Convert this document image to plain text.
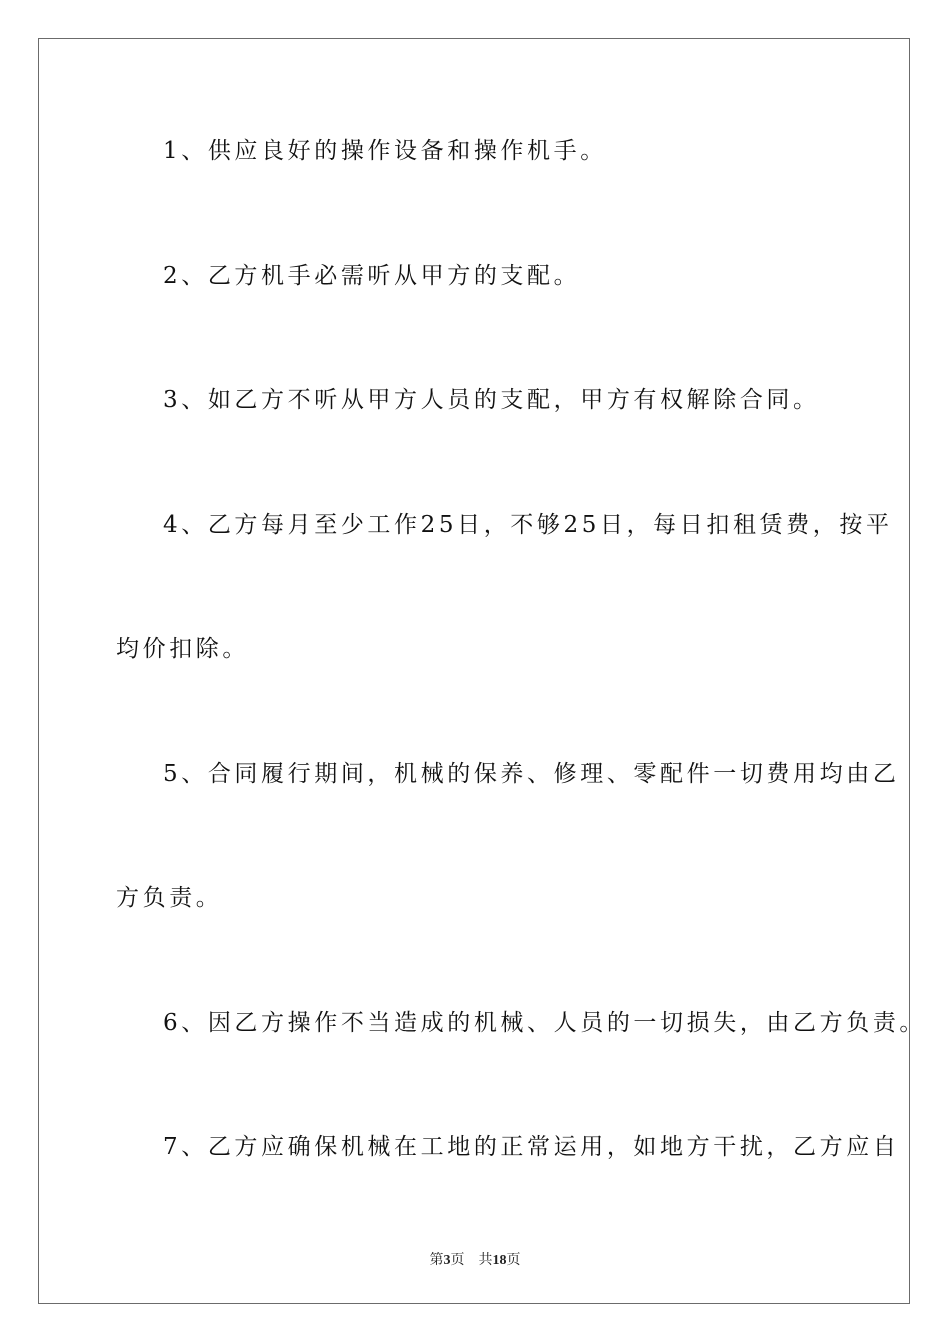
1、供应良好的操作设备和操作机手。
2、乙方机手必需听从甲方的支配。
3、如乙方不听从甲方人员的支配，甲方有权解除合同。
4、乙方每月至少工作25日，不够25日，每日扣租赁费，按平
均价扣除。
5、合同履行期间，机械的保养、修理、零配件一切费用均由乙
方负责。
6、因乙方操作不当造成的机械、人员的一切损失，由乙方负责。
7、乙方应确保机械在工地的正常运用，如地方干扰，乙方应自
第3页 共18页
